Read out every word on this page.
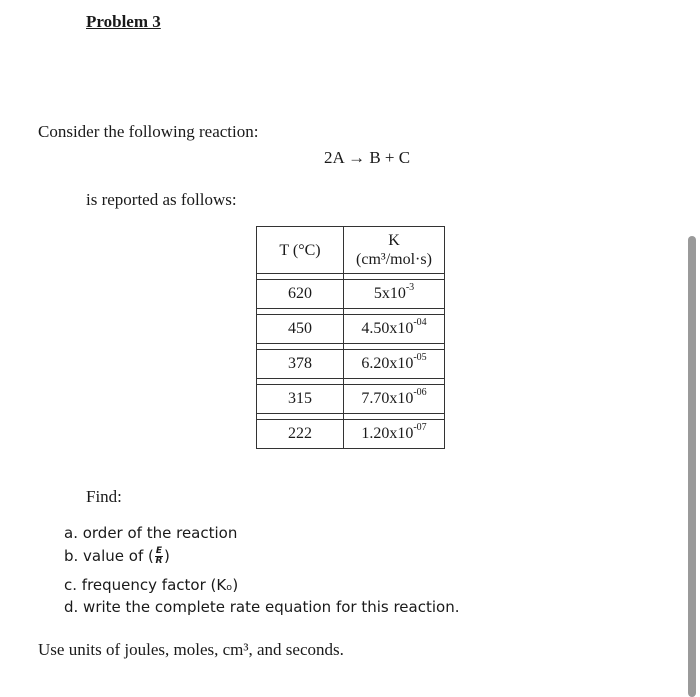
Problem 3
Consider the following reaction:
2A → B + C
is reported as follows:
T (°C)	K
(cm³/mol·s)

620	$5x10^{-3}$

450	$4.50x10^{-04}$

378	$6.20x10^{-05}$

315	$7.70x10^{-06}$

222	$1.20x10^{-07}$
Find:
a. order of the reaction
b. value of ( $\frac{E}{R}$ )
c. frequency factor (Kₒ)
d. write the complete rate equation for this reaction.
Use units of joules, moles, cm³, and seconds.
